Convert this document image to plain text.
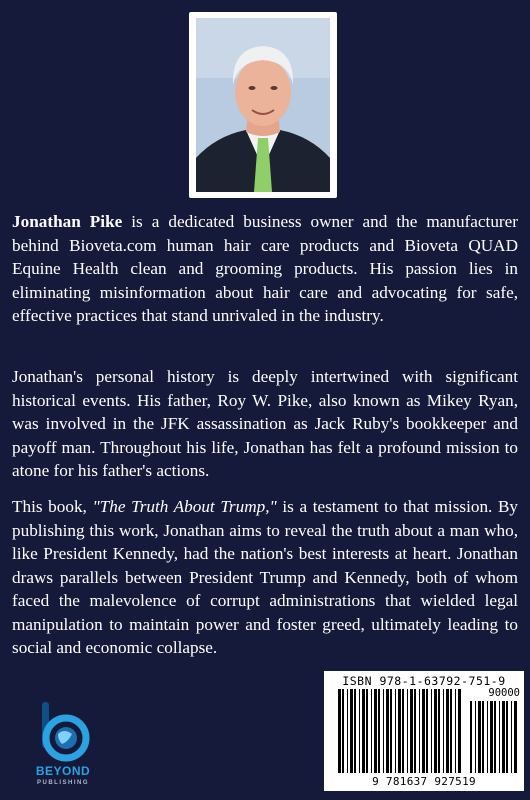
Jonathan Pike is a dedicated business owner and the manufacturer behind Bioveta.com human hair care products and Bioveta QUAD Equine Health clean and grooming products. His passion lies in eliminating misinformation about hair care and advocating for safe, effective practices that stand unrivaled in the industry.

Jonathan's personal history is deeply intertwined with significant historical events. His father, Roy W. Pike, also known as Mikey Ryan, was involved in the JFK assassination as Jack Ruby's bookkeeper and payoff man. Throughout his life, Jonathan has felt a profound mission to atone for his father's actions.

This book, "The Truth About Trump," is a testament to that mission. By publishing this work, Jonathan aims to reveal the truth about a man who, like President Kennedy, had the nation's best interests at heart. Jonathan draws parallels between President Trump and Kennedy, both of whom faced the malevolence of corrupt administrations that wielded legal manipulation to maintain power and foster greed, ultimately leading to social and economic collapse.

BEYOND
PUBLISHING
ISBN 978-1-63792-751-9
90000
9 781637 927519
